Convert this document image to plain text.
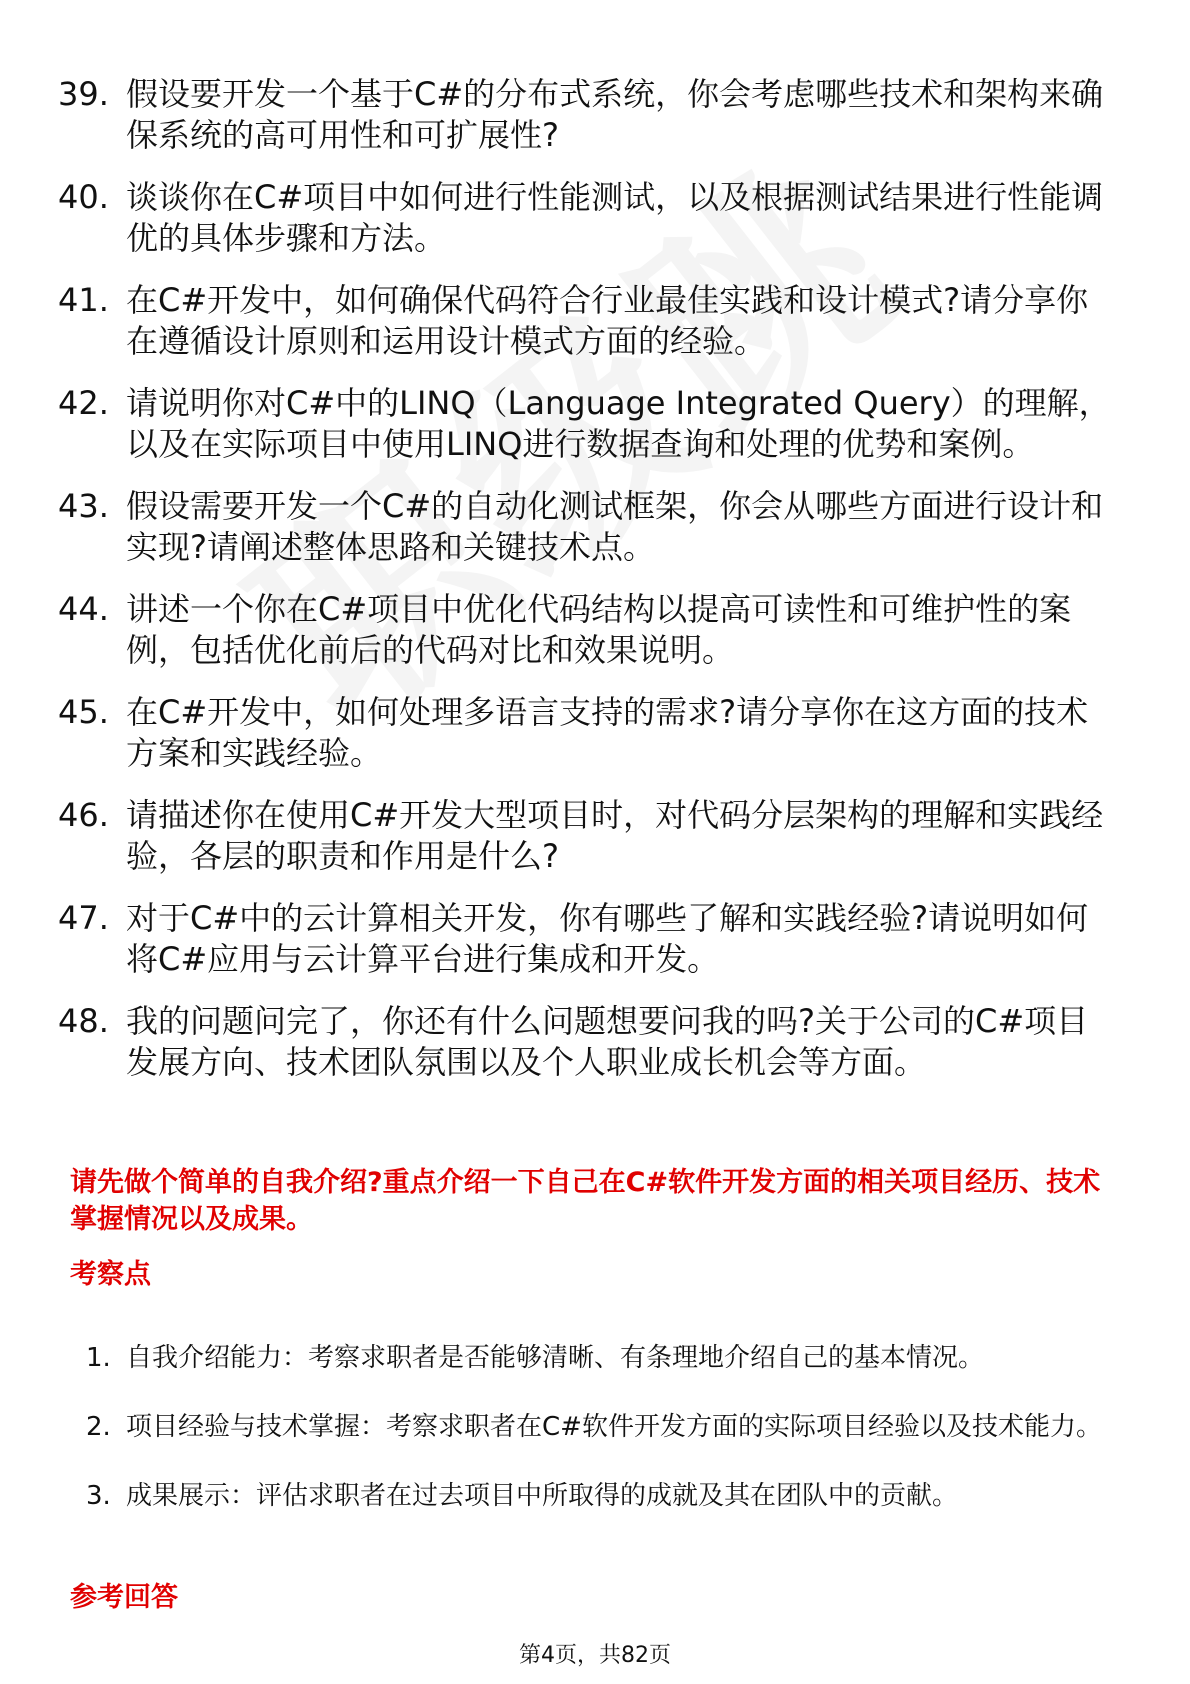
39. 假设要开发一个基于C#的分布式系统，你会考虑哪些技术和架构来确保系统的高可用性和可扩展性?
40. 谈谈你在C#项目中如何进行性能测试，以及根据测试结果进行性能调优的具体步骤和方法。
41. 在C#开发中，如何确保代码符合行业最佳实践和设计模式?请分享你在遵循设计原则和运用设计模式方面的经验。
42. 请说明你对C#中的LINQ（Language Integrated Query）的理解，以及在实际项目中使用LINQ进行数据查询和处理的优势和案例。
43. 假设需要开发一个C#的自动化测试框架，你会从哪些方面进行设计和实现?请阐述整体思路和关键技术点。
44. 讲述一个你在C#项目中优化代码结构以提高可读性和可维护性的案例，包括优化前后的代码对比和效果说明。
45. 在C#开发中，如何处理多语言支持的需求?请分享你在这方面的技术方案和实践经验。
46. 请描述你在使用C#开发大型项目时，对代码分层架构的理解和实践经验，各层的职责和作用是什么?
47. 对于C#中的云计算相关开发，你有哪些了解和实践经验?请说明如何将C#应用与云计算平台进行集成和开发。
48. 我的问题问完了，你还有什么问题想要问我的吗?关于公司的C#项目发展方向、技术团队氛围以及个人职业成长机会等方面。
请先做个简单的自我介绍?重点介绍一下自己在C#软件开发方面的相关项目经历、技术掌握情况以及成果。
考察点
1. 自我介绍能力：考察求职者是否能够清晰、有条理地介绍自己的基本情况。
2. 项目经验与技术掌握：考察求职者在C#软件开发方面的实际项目经验以及技术能力。
3. 成果展示：评估求职者在过去项目中所取得的成就及其在团队中的贡献。
参考回答
第4页，共82页
